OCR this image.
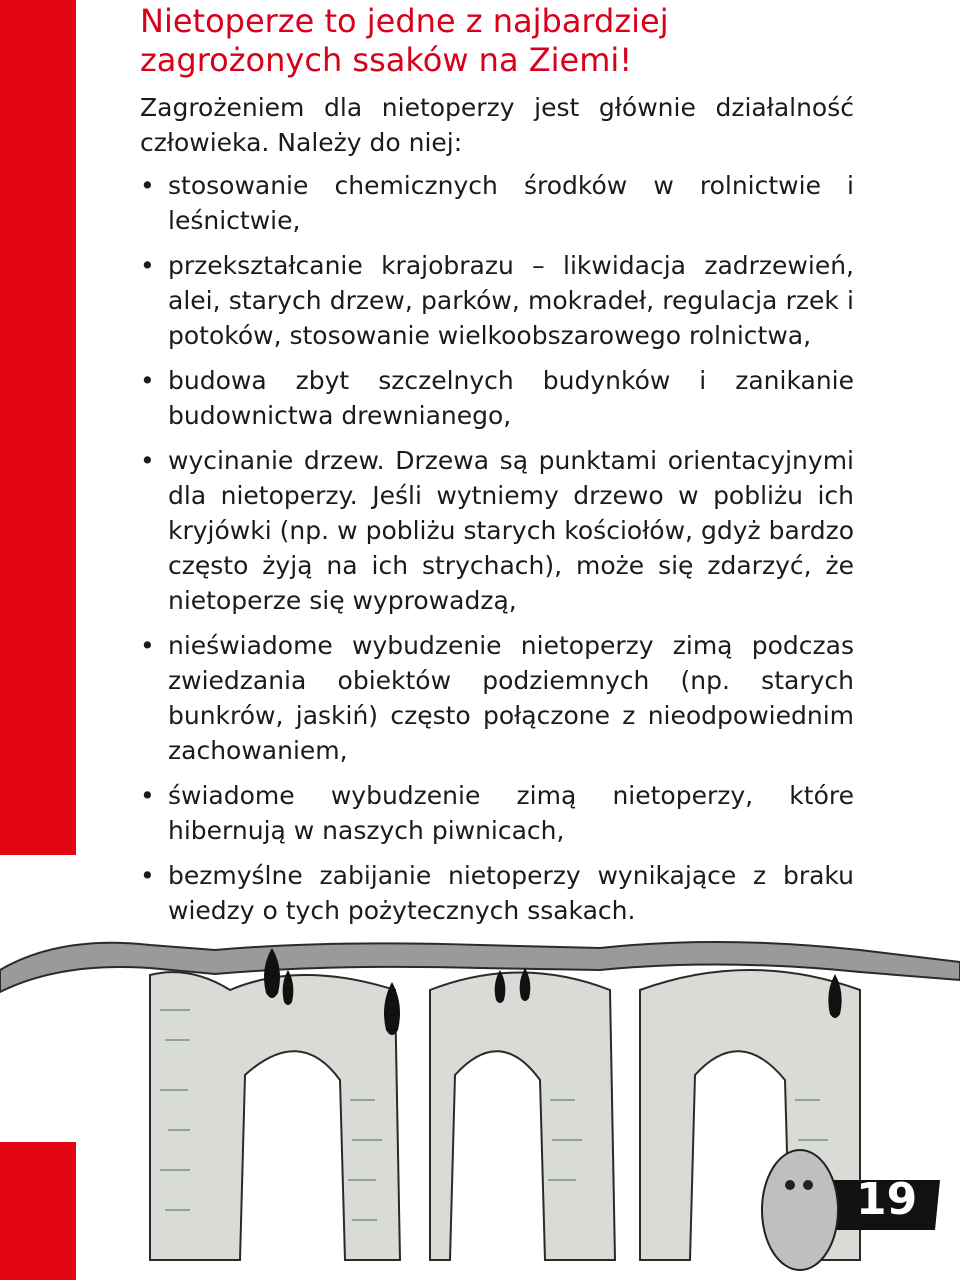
Nietoperze to jedne z najbardziej zagrożonych ssaków na Ziemi!

Zagrożeniem dla nietoperzy jest głównie działalność człowieka. Należy do niej:

• stosowanie chemicznych środków w rolnictwie i leśnictwie,
• przekształcanie krajobrazu – likwidacja zadrzewień, alei, starych drzew, parków, mokradeł, regulacja rzek i potoków, stosowanie wielkoobszarowego rolnictwa,
• budowa zbyt szczelnych budynków i zanikanie budownictwa drewnianego,
• wycinanie drzew. Drzewa są punktami orientacyjnymi dla nietoperzy. Jeśli wytniemy drzewo w pobliżu ich kryjówki (np. w pobliżu starych kościołów, gdyż bardzo często żyją na ich strychach), może się zdarzyć, że nietoperze się wyprowadzą,
• nieświadome wybudzenie nietoperzy zimą podczas zwiedzania obiektów podziemnych (np. starych bunkrów, jaskiń) często połączone z nieodpowiednim zachowaniem,
• świadome wybudzenie zimą nietoperzy, które hibernują w naszych piwnicach,
• bezmyślne zabijanie nietoperzy wynikające z braku wiedzy o tych pożytecznych ssakach.
19
